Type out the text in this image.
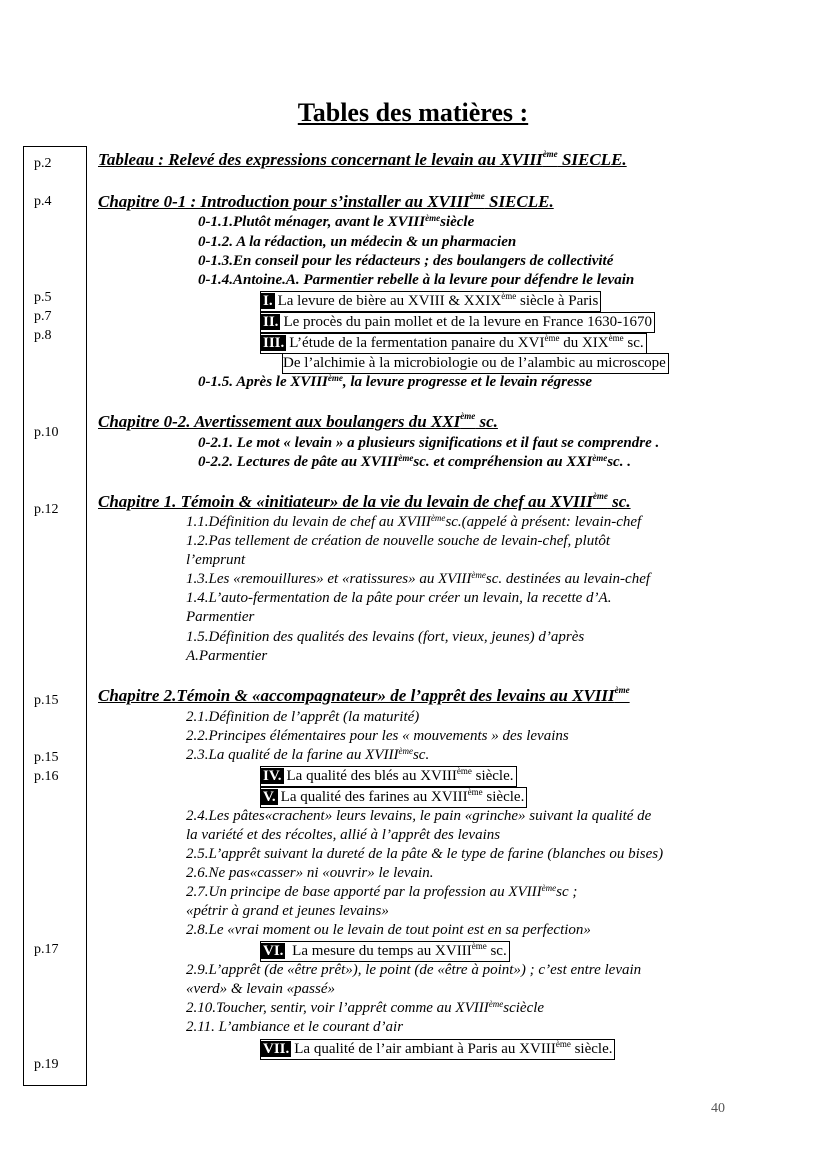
Tables des matières :
p.2
p.4
p.5
p.7
p.8
p.10
p.12
p.15
p.15
p.16
p.17
p.19
Tableau : Relevé des expressions concernant le levain au XVIIIème SIECLE.
Chapitre 0-1 : Introduction pour s’installer au XVIIIème SIECLE.
0-1.1.Plutôt ménager, avant le XVIIIèmesiècle
0-1.2. A la rédaction, un médecin & un pharmacien
0-1.3.En conseil pour les rédacteurs ; des boulangers de collectivité
0-1.4.Antoine.A. Parmentier rebelle à la levure pour défendre le levain
I. La levure de bière au XVIII & XXIXème siècle à Paris
II. Le procès du pain mollet et de la levure en France 1630-1670
III. L’étude de la fermentation panaire du XVIème du XIXème sc.
De l’alchimie à la microbiologie ou de l’alambic au microscope
0-1.5. Après le XVIIIème, la levure progresse et le levain régresse
Chapitre 0-2. Avertissement aux boulangers du XXIème sc.
0-2.1. Le mot « levain » a plusieurs significations et il faut se comprendre .
0-2.2. Lectures de pâte au XVIIIèmesc. et compréhension au XXIèmesc. .
Chapitre 1. Témoin & «initiateur» de la vie du levain de chef au XVIIIème sc.
1.1.Définition du levain de chef au XVIIIèmesc.(appelé à présent: levain-chef
1.2.Pas tellement de création de nouvelle souche de levain-chef, plutôt
l’emprunt
1.3.Les «remouillures» et «ratissures» au XVIIIèmesc. destinées au levain-chef
1.4.L’auto-fermentation de la pâte pour créer un levain, la recette d’A.
Parmentier
1.5.Définition des qualités des levains (fort, vieux, jeunes) d’après
A.Parmentier
Chapitre 2.Témoin & «accompagnateur» de l’apprêt des levains au XVIIIème
2.1.Définition de l’apprêt (la maturité)
2.2.Principes élémentaires pour les « mouvements » des levains
2.3.La qualité de la farine au XVIIIèmesc.
IV. La qualité des blés au XVIIIème siècle.
V. La qualité des farines au XVIIIème siècle.
2.4.Les pâtes«crachent» leurs levains, le pain «grinche» suivant la qualité de
la variété et des récoltes, allié à l’apprêt des levains
2.5.L’apprêt suivant la dureté de la pâte & le type de farine (blanches ou bises)
2.6.Ne pas«casser» ni «ouvrir» le levain.
2.7.Un principe de base apporté par la profession au XVIIIèmesc ;
«pétrir à grand et jeunes levains»
2.8.Le «vrai moment ou le levain de tout point est en sa perfection»
VI. La mesure du temps au XVIIIème sc.
2.9.L’apprêt (de «être prêt»), le point (de «être à point») ; c’est entre levain
«verd» & levain «passé»
2.10.Toucher, sentir, voir l’apprêt comme au XVIIIèmesciècle
2.11. L’ambiance et le courant d’air
VII. La qualité de l’air ambiant à Paris au XVIIIème siècle.
40
